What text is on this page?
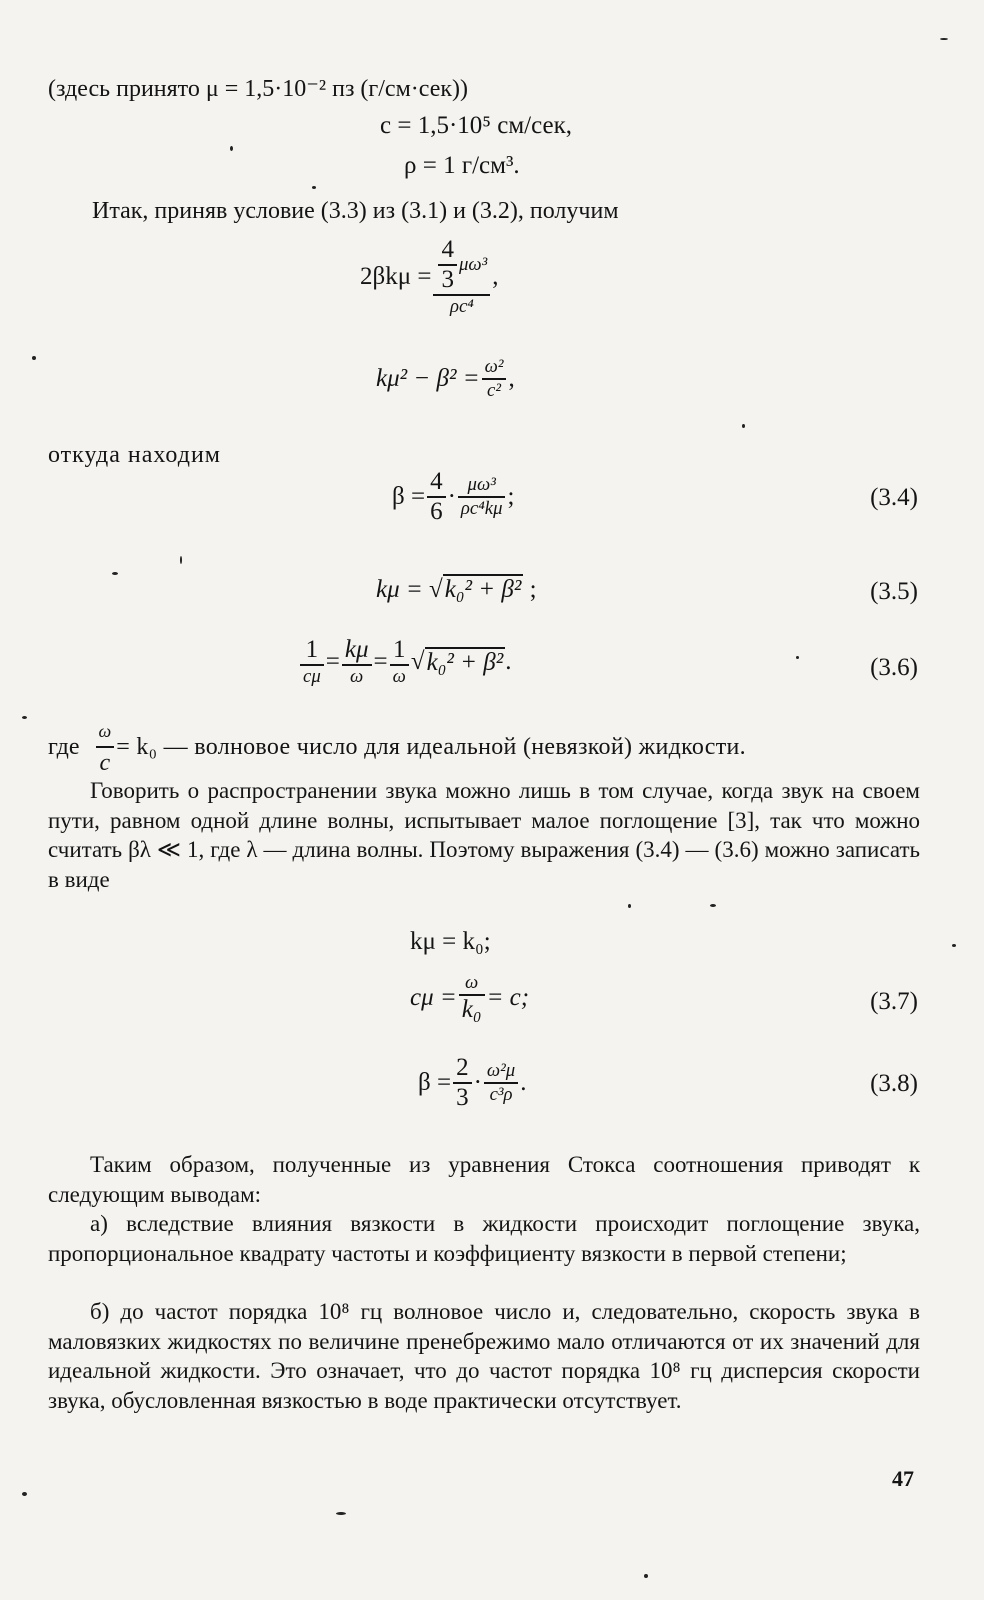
(здесь принято μ = 1,5·10⁻² пз (г/см·сек))
c = 1,5·10⁵ см/сек,
ρ = 1 г/см³.
Итак, приняв условие (3.3) из (3.1) и (3.2), получим
$2\beta k\mu = \frac{\frac{4}{3} \mu\omega^3}{\text{ρc⁴}}$ ,
$k\mu^2 - \beta^2 = \frac{\text{ω²}}{\text{c²}}$ ,
откуда находим
$\beta = \frac{4}{6} \cdot \frac{\text{μω³}}{\text{ρc⁴kμ}}$ ;	(3.4)
kμ = √k₀² + β² ;	(3.5)
$\frac{1}{c\mu} = \frac{k\mu}{\omega} = \frac{1}{\omega}$ √ k₀² + β² .	(3.6)
где $\frac{\omega}{c} = k_0$ — волновое число для идеальной (невязкой) жидкости.
Говорить о распространении звука можно лишь в том случае, когда звук на своем пути, равном одной длине волны, испытывает малое поглощение [3], так что можно считать βλ ≪ 1, где λ — длина волны. Поэтому выражения (3.4) — (3.6) можно записать в виде
kμ = k₀;
$c\mu = \frac{\omega}{\text{k₀}} = c$;	(3.7)
$\beta = \frac{2}{3} \cdot \frac{\text{ω²μ}}{\text{c³ρ}}$ .	(3.8)
Таким образом, полученные из уравнения Стокса соотношения приводят к следующим выводам:
а) вследствие влияния вязкости в жидкости происходит поглощение звука, пропорциональное квадрату частоты и коэффициенту вязкости в первой степени;
б) до частот порядка 10⁸ гц волновое число и, следовательно, скорость звука в маловязких жидкостях по величине пренебрежимо мало отличаются от их значений для идеальной жидкости. Это означает, что до частот порядка 10⁸ гц дисперсия скорости звука, обусловленная вязкостью в воде практически отсутствует.
47
